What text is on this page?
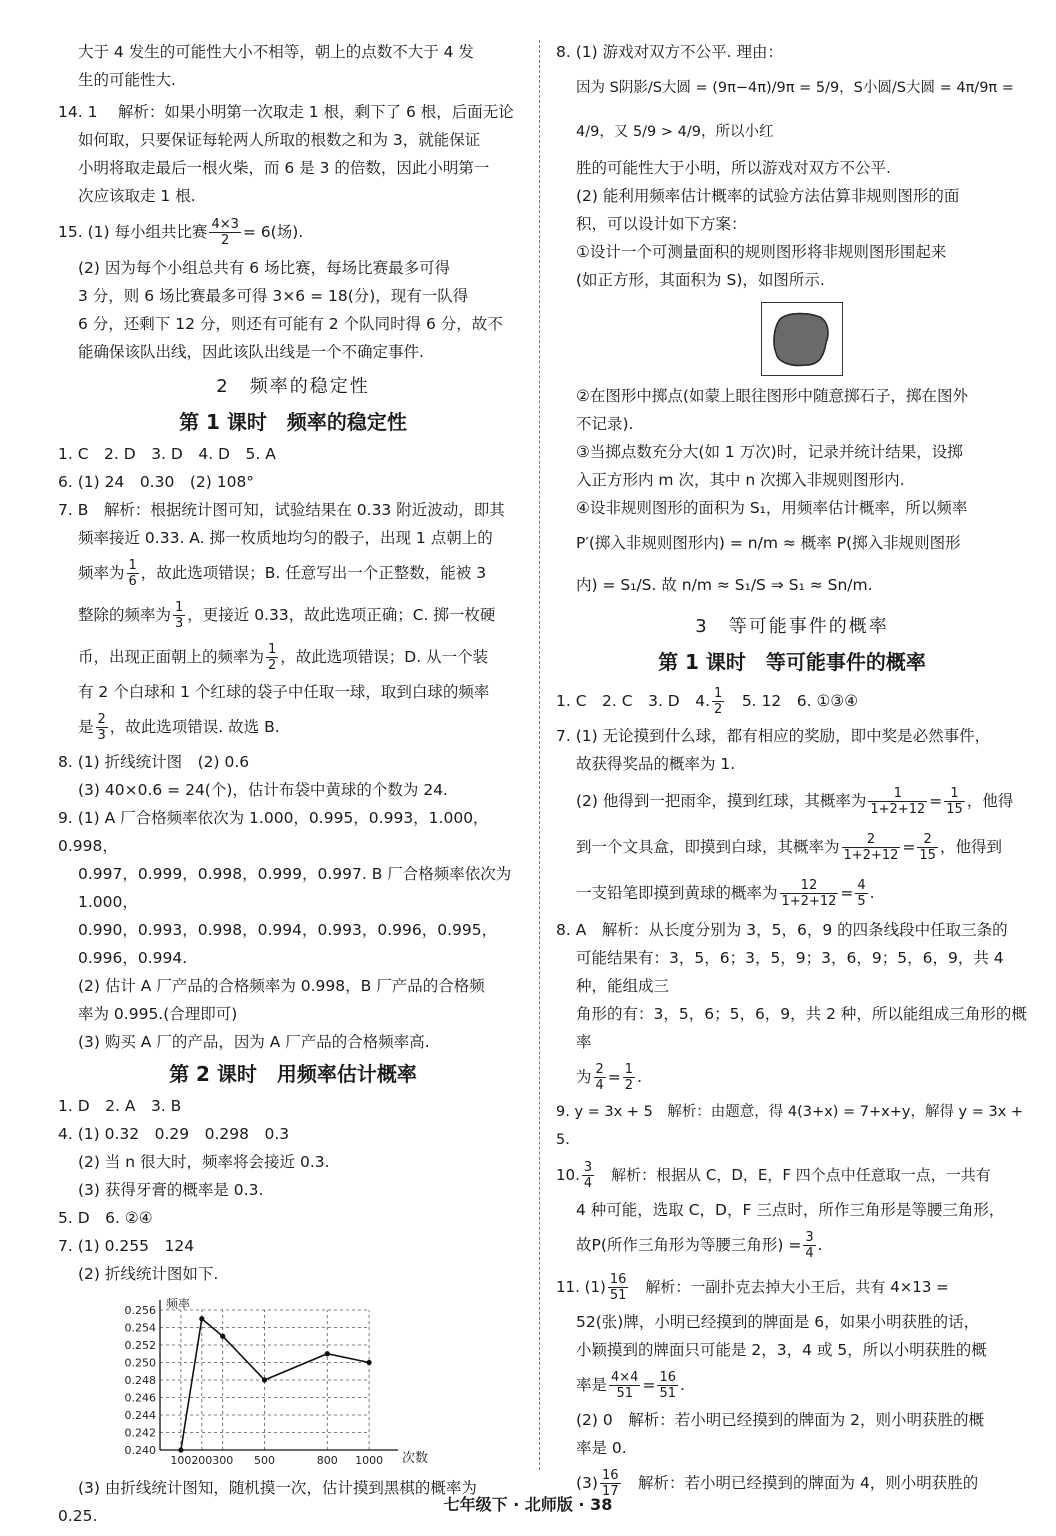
大于 4 发生的可能性大小不相等，朝上的点数不大于 4 发

生的可能性大.

14. 1 　解析：如果小明第一次取走 1 根，剩下了 6 根，后面无论

如何取，只要保证每轮两人所取的根数之和为 3，就能保证

小明将取走最后一根火柴，而 6 是 3 的倍数，因此小明第一

次应该取走 1 根.

15. (1) 每小组共比赛 $\frac{4\times 3}{2} = 6$(场).

(2) 因为每个小组总共有 6 场比赛，每场比赛最多可得

3 分，则 6 场比赛最多可得 3×6 = 18(分)，现有一队得

6 分，还剩下 12 分，则还有可能有 2 个队同时得 6 分，故不

能确保该队出线，因此该队出线是一个不确定事件.

2　频率的稳定性

第 1 课时　频率的稳定性

1. C　2. D　3. D　4. D　5. A

6. (1) 24　0.30　(2) 108°

7. B　解析：根据统计图可知，试验结果在 0.33 附近波动，即其

频率接近 0.33. A. 掷一枚质地均匀的骰子，出现 1 点朝上的

频率为 $\frac{1}{6}$ ，故此选项错误；B. 任意写出一个正整数，能被 3

整除的频率为 $\frac{1}{3}$ ，更接近 0.33，故此选项正确；C. 掷一枚硬

币，出现正面朝上的频率为 $\frac{1}{2}$ ，故此选项错误；D. 从一个装

有 2 个白球和 1 个红球的袋子中任取一球，取到白球的频率

是 $\frac{2}{3}$ ，故此选项错误. 故选 B.

8. (1) 折线统计图　(2) 0.6

(3) 40×0.6 = 24(个)，估计布袋中黄球的个数为 24.

9. (1) A 厂合格频率依次为 1.000，0.995，0.993，1.000，0.998，

0.997，0.999，0.998，0.999，0.997. B 厂合格频率依次为 1.000，

0.990，0.993，0.998，0.994，0.993，0.996，0.995，0.996，0.994.

(2) 估计 A 厂产品的合格频率为 0.998，B 厂产品的合格频

率为 0.995.(合理即可)

(3) 购买 A 厂的产品，因为 A 厂产品的合格频率高.

第 2 课时　用频率估计概率

1. D　2. A　3. B

4. (1) 0.32　0.29　0.298　0.3

(2) 当 n 很大时，频率将会接近 0.3.

(3) 获得牙膏的概率是 0.3.

5. D　6. ②④

7. (1) 0.255　124

(2) 折线统计图如下.

0.240
0.242
0.244
0.246
0.248
0.250
0.252
0.254
0.256
100 200 300 500	800 1000
频率
次数

(3) 由折线统计图知，随机摸一次，估计摸到黑棋的概率为

0.25.

8. (1) 游戏对双方不公平. 理由：

因为 S阴影/S大圆 = (9π−4π)/9π = 5/9，S小圆/S大圆 = 4π/9π = 4/9，又 5/9 > 4/9，所以小红

胜的可能性大于小明，所以游戏对双方不公平.

(2) 能利用频率估计概率的试验方法估算非规则图形的面

积，可以设计如下方案：

①设计一个可测量面积的规则图形将非规则图形围起来

(如正方形，其面积为 S)，如图所示.

②在图形中掷点(如蒙上眼往图形中随意掷石子，掷在图外

不记录).

③当掷点数充分大(如 1 万次)时，记录并统计结果，设掷

入正方形内 m 次，其中 n 次掷入非规则图形内.

④设非规则图形的面积为 S₁，用频率估计概率，所以频率

P′(掷入非规则图形内) = n/m ≈ 概率 P(掷入非规则图形

内) = S₁/S. 故 n/m ≈ S₁/S ⇒ S₁ ≈ Sn/m.

3　等可能事件的概率

第 1 课时　等可能事件的概率

1. C　2. C　3. D　4. $\frac{1}{2}$ 　5. 12　6. ①③④

7. (1) 无论摸到什么球，都有相应的奖励，即中奖是必然事件，

故获得奖品的概率为 1.

(2) 他得到一把雨伞，摸到红球，其概率为 $\frac{1}{1+2+12} = \frac{1}{15}$ ，他得

到一个文具盒，即摸到白球，其概率为 $\frac{2}{1+2+12} = \frac{2}{15}$ ，他得到

一支铅笔即摸到黄球的概率为 $\frac{12}{1+2+12} = \frac{4}{5}$ .

8. A　解析：从长度分别为 3，5，6，9 的四条线段中任取三条的

可能结果有：3，5，6；3，5，9；3，6，9；5，6，9，共 4 种，能组成三

角形的有：3，5，6；5，6，9，共 2 种，所以能组成三角形的概率

为 $\frac{2}{4} = \frac{1}{2}$ .

9. y = 3x + 5　解析：由题意，得 4(3+x) = 7+x+y，解得 y = 3x + 5.

10. $\frac{3}{4}$ 　解析：根据从 C，D，E，F 四个点中任意取一点，一共有

4 种可能，选取 C，D，F 三点时，所作三角形是等腰三角形，

故P(所作三角形为等腰三角形) = $\frac{3}{4}$ .

11. $(1) \frac{16}{51}$ 　解析：一副扑克去掉大小王后，共有 4×13 =

52(张)牌，小明已经摸到的牌面是 6，如果小明获胜的话，

小颖摸到的牌面只可能是 2，3，4 或 5，所以小明获胜的概

率是 $\frac{4\times 4}{51} = \frac{16}{51}$ .

(2) 0　解析：若小明已经摸到的牌面为 2，则小明获胜的概

率是 0.

$(3) \frac{16}{17}$ 　解析：若小明已经摸到的牌面为 4，则小明获胜的

七年级下 · 北师版 · 38
